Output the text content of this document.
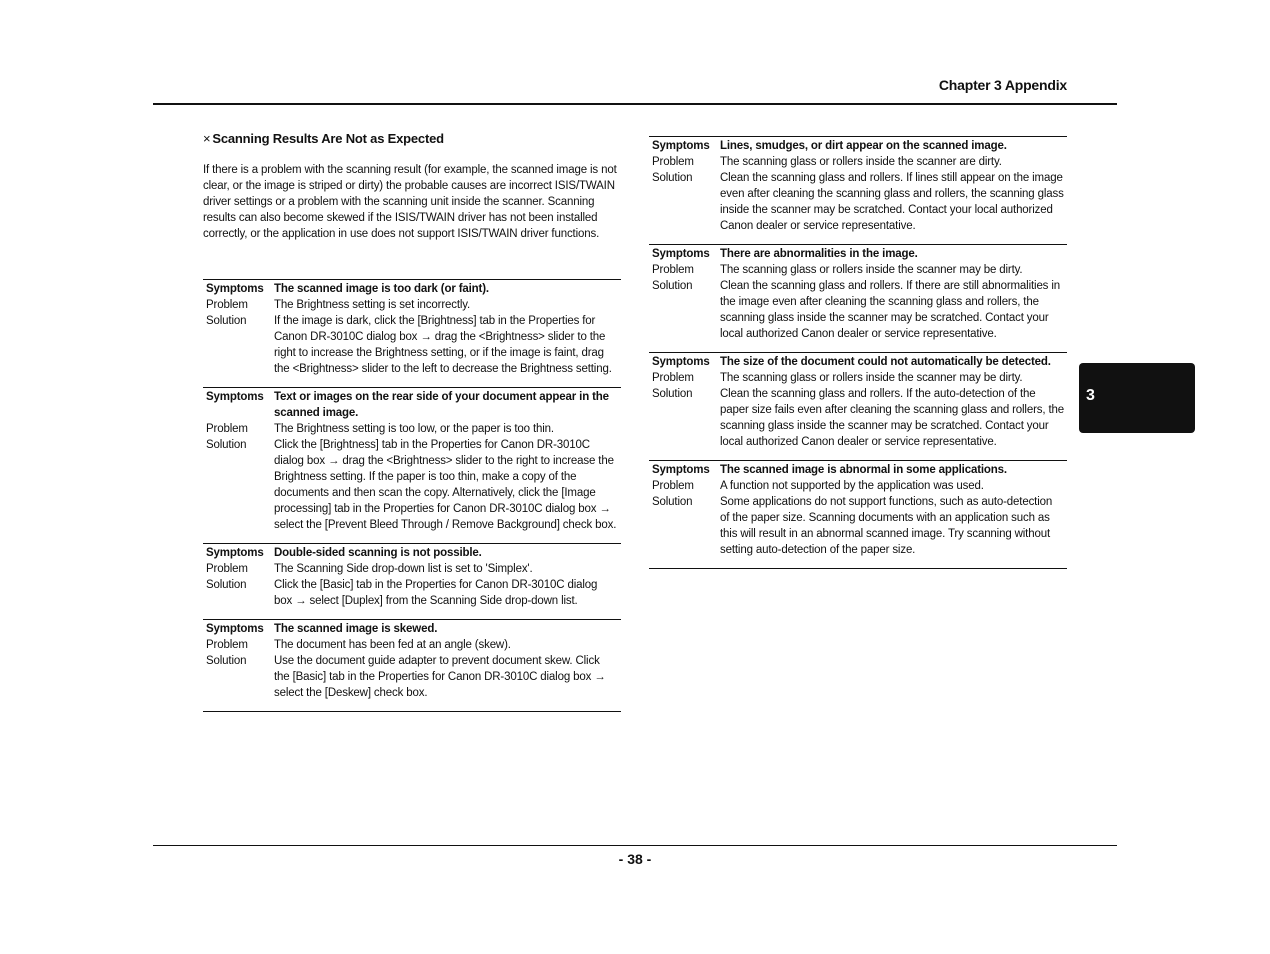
Chapter 3 Appendix
3
× Scanning Results Are Not as Expected
If there is a problem with the scanning result (for example, the scanned image is not clear, or the image is striped or dirty) the probable causes are incorrect ISIS/TWAIN driver settings or a problem with the scanning unit inside the scanner. Scanning results can also become skewed if the ISIS/TWAIN driver has not been installed correctly, or the application in use does not support ISIS/TWAIN driver functions.
Symptoms The scanned image is too dark (or faint).
Problem	The Brightness setting is set incorrectly.
Solution	If the image is dark, click the [Brightness] tab in the Properties for Canon DR-3010C dialog box → drag the <Brightness> slider to the right to increase the Brightness setting, or if the image is faint, drag the <Brightness> slider to the left to decrease the Brightness setting.
Symptoms Text or images on the rear side of your document appear in the scanned image.
Problem	The Brightness setting is too low, or the paper is too thin.
Solution	Click the [Brightness] tab in the Properties for Canon DR-3010C dialog box → drag the <Brightness> slider to the right to increase the Brightness setting. If the paper is too thin, make a copy of the documents and then scan the copy. Alternatively, click the [Image processing] tab in the Properties for Canon DR-3010C dialog box → select the [Prevent Bleed Through / Remove Background] check box.
Symptoms Double-sided scanning is not possible.
Problem	The Scanning Side drop-down list is set to 'Simplex'.
Solution	Click the [Basic] tab in the Properties for Canon DR-3010C dialog box → select [Duplex] from the Scanning Side drop-down list.
Symptoms The scanned image is skewed.
Problem	The document has been fed at an angle (skew).
Solution	Use the document guide adapter to prevent document skew. Click the [Basic] tab in the Properties for Canon DR-3010C dialog box → select the [Deskew] check box.
Symptoms Lines, smudges, or dirt appear on the scanned image.
Problem	The scanning glass or rollers inside the scanner are dirty.
Solution	Clean the scanning glass and rollers. If lines still appear on the image even after cleaning the scanning glass and rollers, the scanning glass inside the scanner may be scratched. Contact your local authorized Canon dealer or service representative.
Symptoms There are abnormalities in the image.
Problem	The scanning glass or rollers inside the scanner may be dirty.
Solution	Clean the scanning glass and rollers. If there are still abnormalities in the image even after cleaning the scanning glass and rollers, the scanning glass inside the scanner may be scratched. Contact your local authorized Canon dealer or service representative.
Symptoms The size of the document could not automatically be detected.
Problem	The scanning glass or rollers inside the scanner may be dirty.
Solution	Clean the scanning glass and rollers. If the auto-detection of the paper size fails even after cleaning the scanning glass and rollers, the scanning glass inside the scanner may be scratched. Contact your local authorized Canon dealer or service representative.
Symptoms The scanned image is abnormal in some applications.
Problem	A function not supported by the application was used.
Solution	Some applications do not support functions, such as auto-detection of the paper size. Scanning documents with an application such as this will result in an abnormal scanned image. Try scanning without setting auto-detection of the paper size.
- 38 -
